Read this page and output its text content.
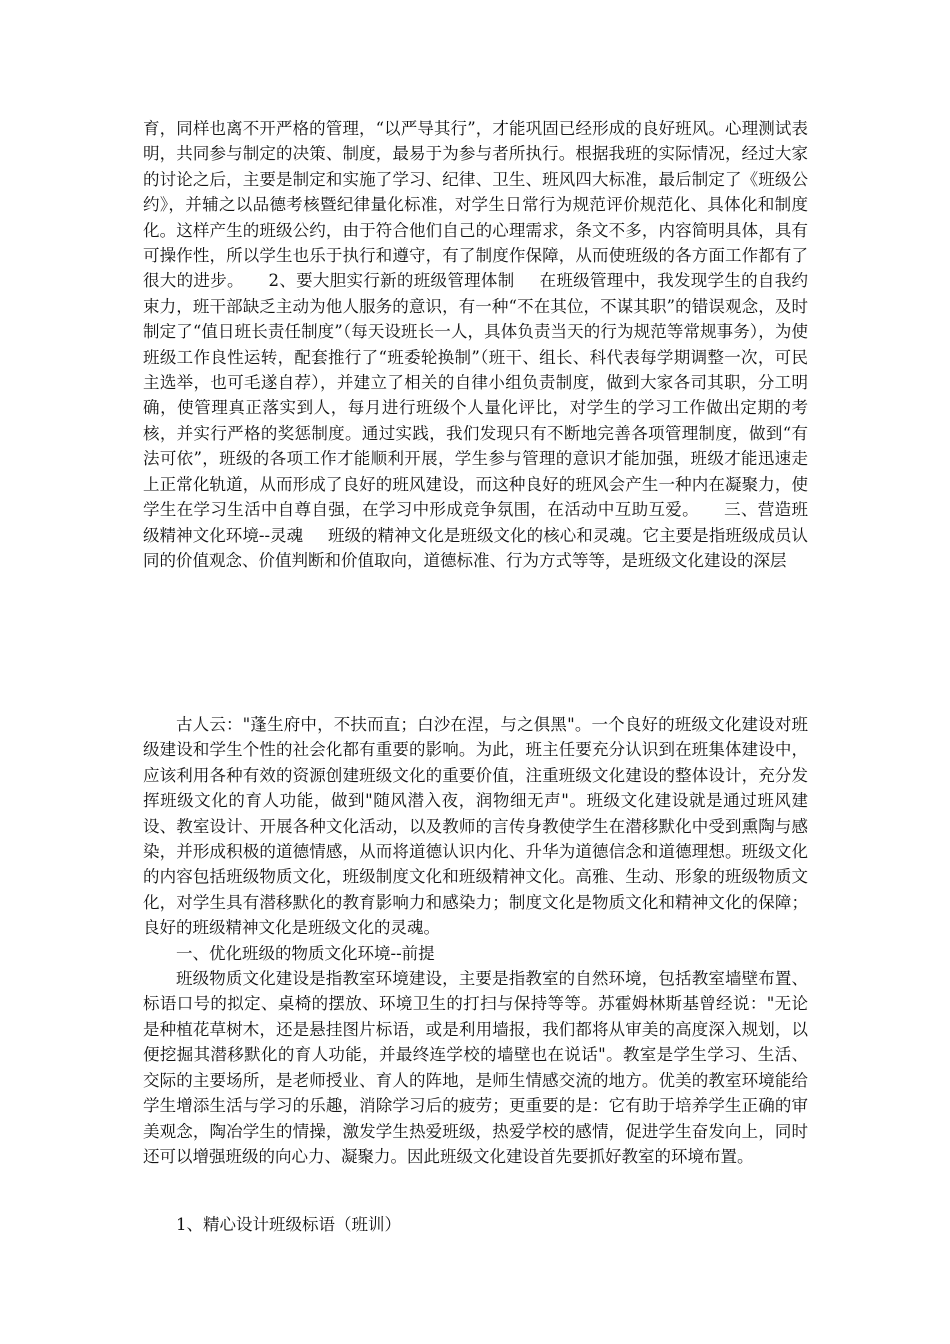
育，同样也离不开严格的管理，“以严导其行”，才能巩固已经形成的良好班风。心理测试表明，共同参与制定的决策、制度，最易于为参与者所执行。根据我班的实际情况，经过大家的讨论之后，主要是制定和实施了学习、纪律、卫生、班风四大标准，最后制定了《班级公约》，并辅之以品德考核暨纪律量化标准，对学生日常行为规范评价规范化、具体化和制度化。这样产生的班级公约，由于符合他们自己的心理需求，条文不多，内容简明具体，具有可操作性，所以学生也乐于执行和遵守，有了制度作保障，从而使班级的各方面工作都有了很大的进步。 2、要大胆实行新的班级管理体制 在班级管理中，我发现学生的自我约束力，班干部缺乏主动为他人服务的意识，有一种“不在其位，不谋其职”的错误观念，及时制定了“值日班长责任制度”（每天设班长一人，具体负责当天的行为规范等常规事务），为使班级工作良性运转，配套推行了“班委轮换制”（班干、组长、科代表每学期调整一次，可民主选举，也可毛遂自荐），并建立了相关的自律小组负责制度，做到大家各司其职，分工明确，使管理真正落实到人，每月进行班级个人量化评比，对学生的学习工作做出定期的考核，并实行严格的奖惩制度。通过实践，我们发现只有不断地完善各项管理制度，做到“有法可依”，班级的各项工作才能顺利开展，学生参与管理的意识才能加强，班级才能迅速走上正常化轨道，从而形成了良好的班风建设，而这种良好的班风会产生一种内在凝聚力，使学生在学习生活中自尊自强，在学习中形成竞争氛围，在活动中互助互爱。 三、营造班级精神文化环境--灵魂 班级的精神文化是班级文化的核心和灵魂。它主要是指班级成员认同的价值观念、价值判断和价值取向，道德标准、行为方式等等，是班级文化建设的深层

古人云："蓬生府中，不扶而直；白沙在涅，与之俱黑"。一个良好的班级文化建设对班级建设和学生个性的社会化都有重要的影响。为此，班主任要充分认识到在班集体建设中，应该利用各种有效的资源创建班级文化的重要价值，注重班级文化建设的整体设计，充分发挥班级文化的育人功能，做到"随风潜入夜，润物细无声"。班级文化建设就是通过班风建设、教室设计、开展各种文化活动，以及教师的言传身教使学生在潜移默化中受到熏陶与感染，并形成积极的道德情感，从而将道德认识内化、升华为道德信念和道德理想。班级文化的内容包括班级物质文化，班级制度文化和班级精神文化。高雅、生动、形象的班级物质文化，对学生具有潜移默化的教育影响力和感染力；制度文化是物质文化和精神文化的保障；良好的班级精神文化是班级文化的灵魂。

一、优化班级的物质文化环境--前提

班级物质文化建设是指教室环境建设，主要是指教室的自然环境，包括教室墙壁布置、标语口号的拟定、桌椅的摆放、环境卫生的打扫与保持等等。苏霍姆林斯基曾经说："无论是种植花草树木，还是悬挂图片标语，或是利用墙报，我们都将从审美的高度深入规划，以便挖掘其潜移默化的育人功能，并最终连学校的墙壁也在说话"。教室是学生学习、生活、交际的主要场所，是老师授业、育人的阵地，是师生情感交流的地方。优美的教室环境能给学生增添生活与学习的乐趣，消除学习后的疲劳；更重要的是：它有助于培养学生正确的审美观念，陶冶学生的情操，激发学生热爱班级，热爱学校的感情，促进学生奋发向上，同时还可以增强班级的向心力、凝聚力。因此班级文化建设首先要抓好教室的环境布置。

1、精心设计班级标语（班训）
